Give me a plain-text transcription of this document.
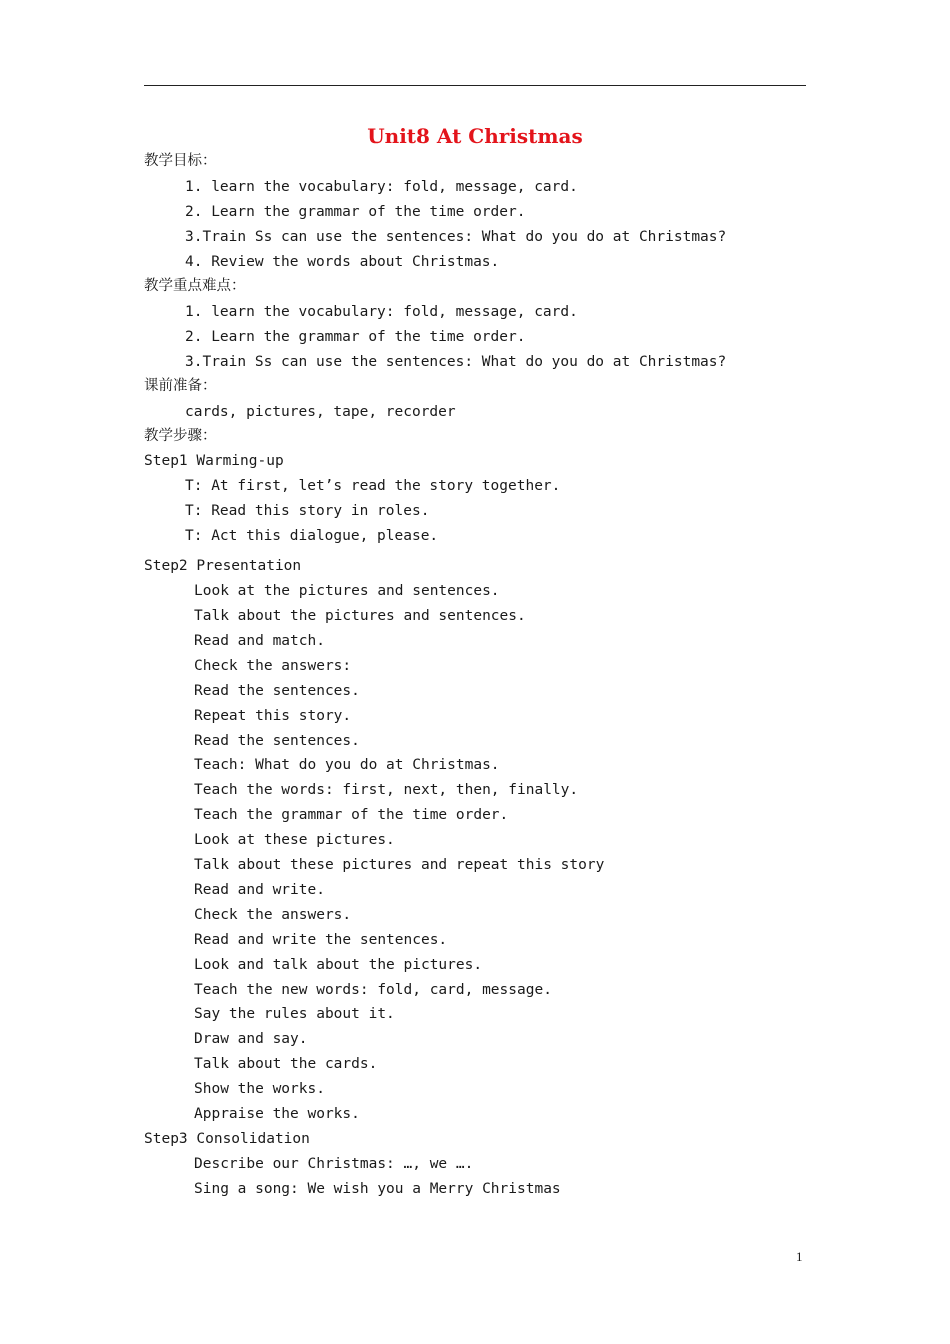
Unit8 At Christmas
教学目标：
1. learn the vocabulary: fold, message, card.
2. Learn the grammar of the time order.
3.Train Ss can use the sentences: What do you do at Christmas?
4. Review the words about Christmas.
教学重点难点：
1. learn the vocabulary: fold, message, card.
2. Learn the grammar of the time order.
3.Train Ss can use the sentences: What do you do at Christmas?
课前准备：
cards, pictures, tape, recorder
教学步骤：
Step1 Warming-up
T: At first, let’s read the story together.
T: Read this story in roles.
T: Act this dialogue, please.
Step2 Presentation
Look at the pictures and sentences.
Talk about the pictures and sentences.
Read and match.
Check the answers:
Read the sentences.
Repeat this story.
Read the sentences.
Teach: What do you do at Christmas.
Teach the words: first, next, then, finally.
Teach the grammar of the time order.
Look at these pictures.
Talk about these pictures and repeat this story
Read and write.
Check the answers.
Read and write the sentences.
Look and talk about the pictures.
Teach the new words: fold, card, message.
Say the rules about it.
Draw and say.
Talk about the cards.
Show the works.
Appraise the works.
Step3 Consolidation
Describe our Christmas: …, we ….
Sing a song: We wish you a Merry Christmas
1
